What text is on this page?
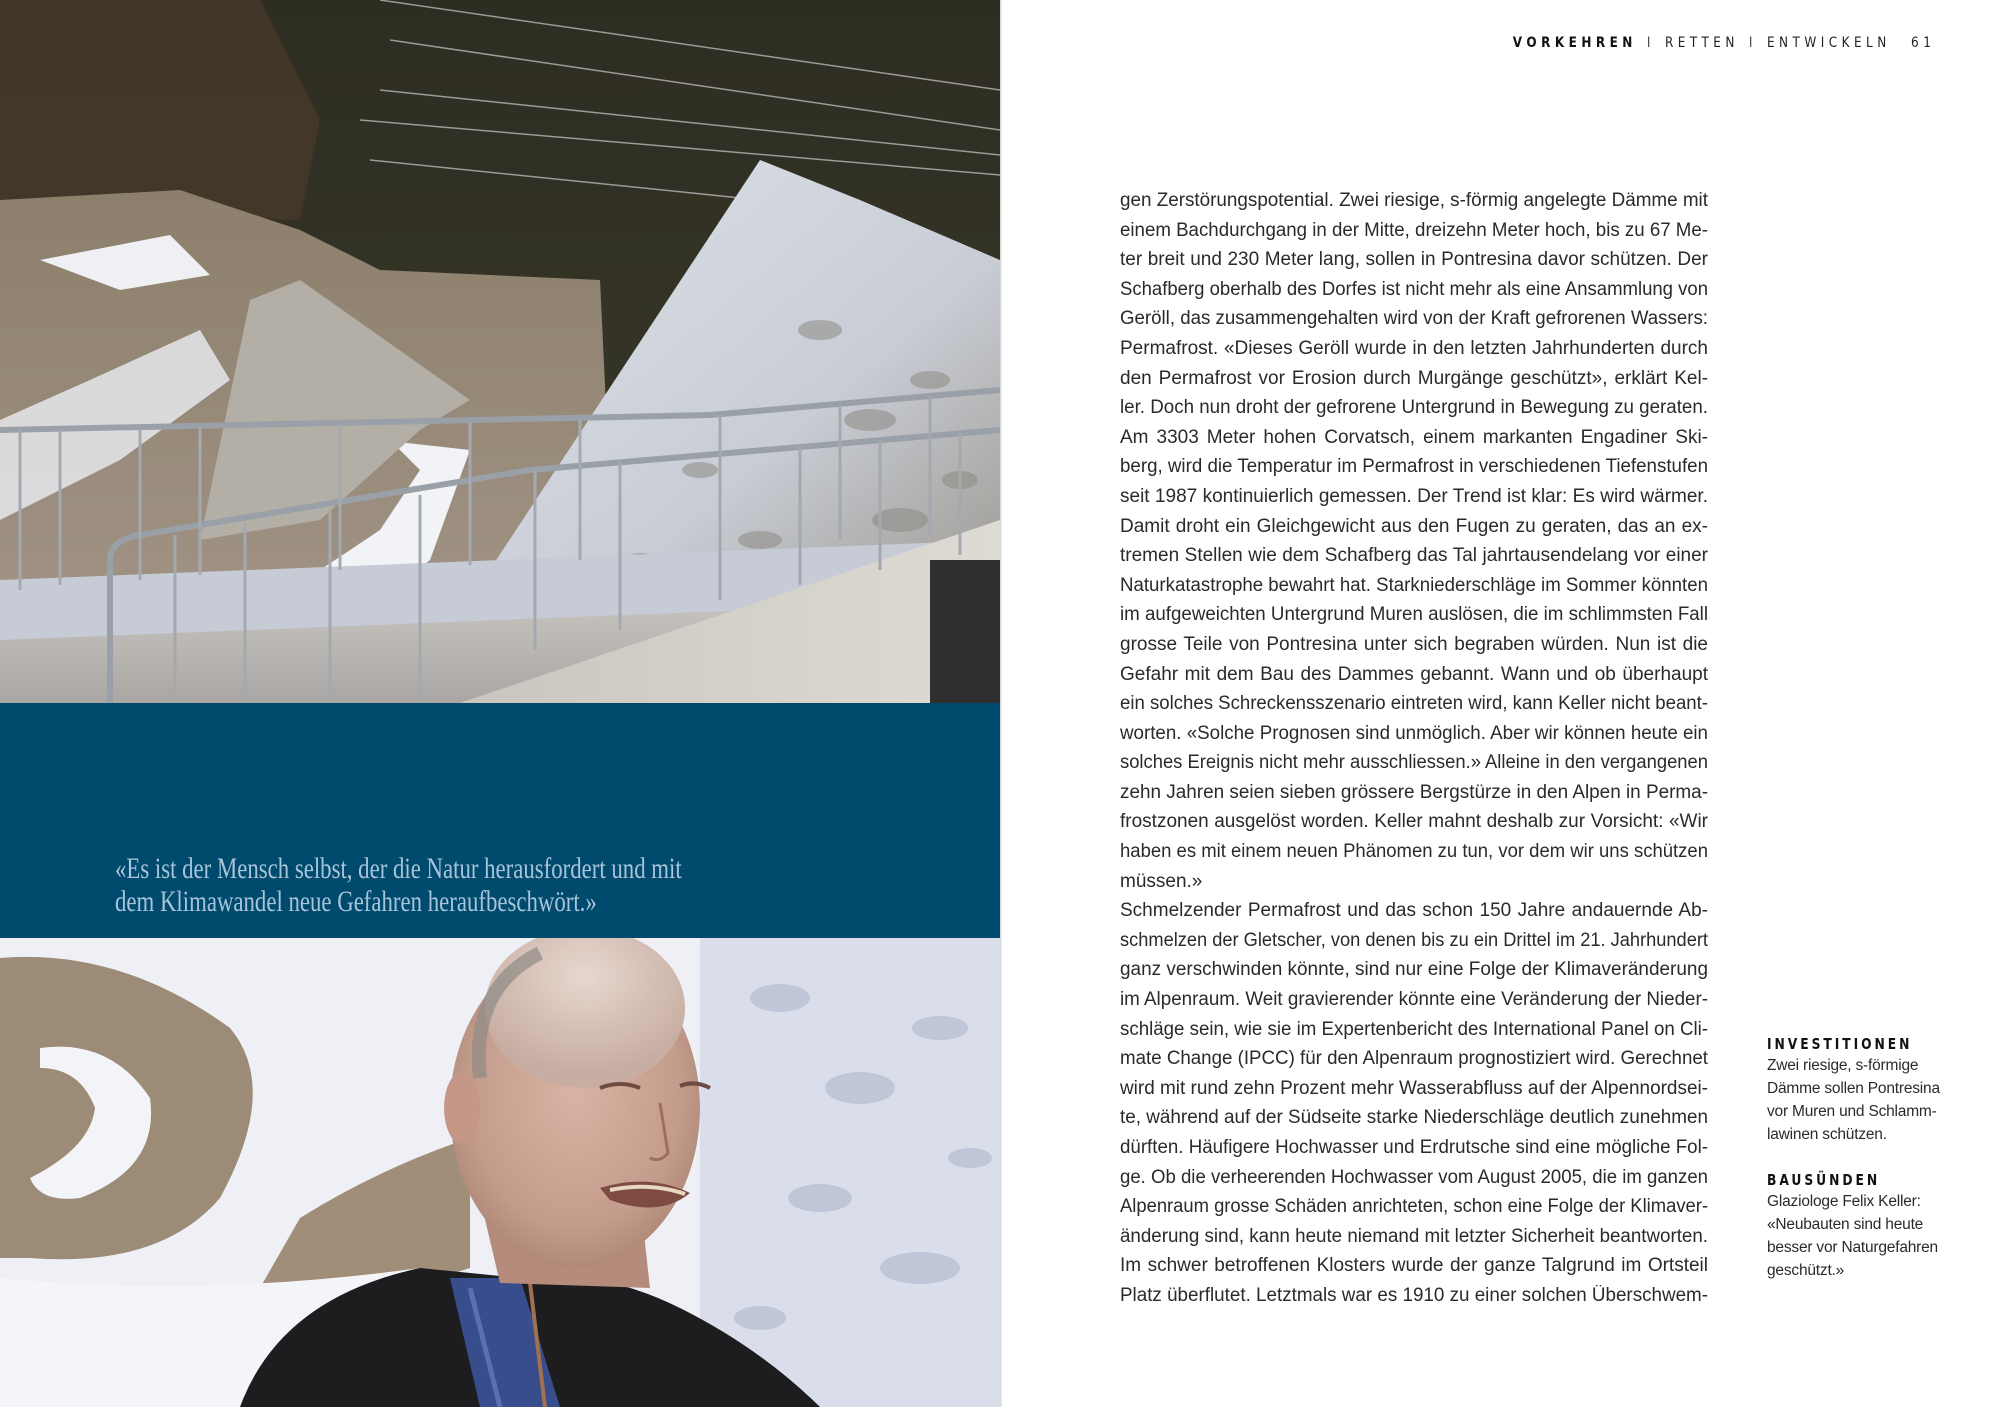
«Es ist der Mensch selbst, der die Natur herausfordert und mit
dem Klimawandel neue Gefahren heraufbeschwört.»
VORKEHREN I RETTEN I ENTWICKELN 61
gen Zerstörungspotential. Zwei riesige, s-förmig angelegte Dämme mit
einem Bachdurchgang in der Mitte, dreizehn Meter hoch, bis zu 67 Me-
ter breit und 230 Meter lang, sollen in Pontresina davor schützen. Der
Schafberg oberhalb des Dorfes ist nicht mehr als eine Ansammlung von
Geröll, das zusammengehalten wird von der Kraft gefrorenen Wassers:
Permafrost. «Dieses Geröll wurde in den letzten Jahrhunderten durch
den Permafrost vor Erosion durch Murgänge geschützt», erklärt Kel-
ler. Doch nun droht der gefrorene Untergrund in Bewegung zu geraten.
Am 3303 Meter hohen Corvatsch, einem markanten Engadiner Ski-
berg, wird die Temperatur im Permafrost in verschiedenen Tiefenstufen
seit 1987 kontinuierlich gemessen. Der Trend ist klar: Es wird wärmer.
Damit droht ein Gleichgewicht aus den Fugen zu geraten, das an ex-
tremen Stellen wie dem Schafberg das Tal jahrtausendelang vor einer
Naturkatastrophe bewahrt hat. Starkniederschläge im Sommer könnten
im aufgeweichten Untergrund Muren auslösen, die im schlimmsten Fall
grosse Teile von Pontresina unter sich begraben würden. Nun ist die
Gefahr mit dem Bau des Dammes gebannt. Wann und ob überhaupt
ein solches Schreckensszenario eintreten wird, kann Keller nicht beant-
worten. «Solche Prognosen sind unmöglich. Aber wir können heute ein
solches Ereignis nicht mehr ausschliessen.» Alleine in den vergangenen
zehn Jahren seien sieben grössere Bergstürze in den Alpen in Perma-
frostzonen ausgelöst worden. Keller mahnt deshalb zur Vorsicht: «Wir
haben es mit einem neuen Phänomen zu tun, vor dem wir uns schützen
müssen.»
Schmelzender Permafrost und das schon 150 Jahre andauernde Ab-
schmelzen der Gletscher, von denen bis zu ein Drittel im 21. Jahrhundert
ganz verschwinden könnte, sind nur eine Folge der Klimaveränderung
im Alpenraum. Weit gravierender könnte eine Veränderung der Nieder-
schläge sein, wie sie im Expertenbericht des International Panel on Cli-
mate Change (IPCC) für den Alpenraum prognostiziert wird. Gerechnet
wird mit rund zehn Prozent mehr Wasserabfluss auf der Alpennordsei-
te, während auf der Südseite starke Niederschläge deutlich zunehmen
dürften. Häufigere Hochwasser und Erdrutsche sind eine mögliche Fol-
ge. Ob die verheerenden Hochwasser vom August 2005, die im ganzen
Alpenraum grosse Schäden anrichteten, schon eine Folge der Klimaver-
änderung sind, kann heute niemand mit letzter Sicherheit beantworten.
Im schwer betroffenen Klosters wurde der ganze Talgrund im Ortsteil
Platz überflutet. Letztmals war es 1910 zu einer solchen Überschwem-
INVESTITIONEN
Zwei riesige, s-förmige
Dämme sollen Pontresina
vor Muren und Schlamm-
lawinen schützen.
BAUSÜNDEN
Glaziologe Felix Keller:
«Neubauten sind heute
besser vor Naturgefahren
geschützt.»
